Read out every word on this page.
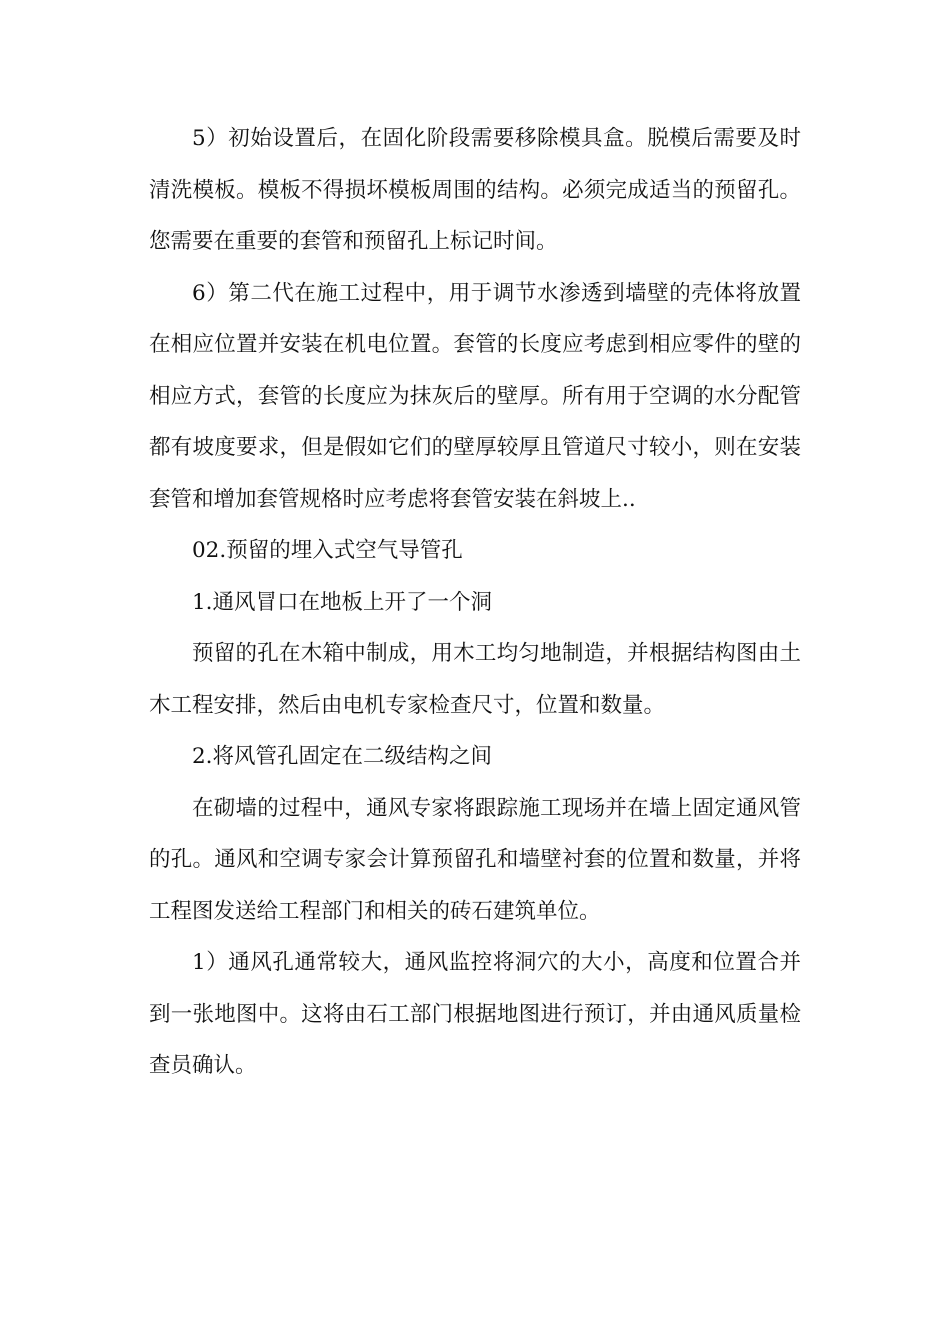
5）初始设置后，在固化阶段需要移除模具盒。脱模后需要及时清洗模板。模板不得损坏模板周围的结构。必须完成适当的预留孔。您需要在重要的套管和预留孔上标记时间。

6）第二代在施工过程中，用于调节水渗透到墙壁的壳体将放置在相应位置并安装在机电位置。套管的长度应考虑到相应零件的壁的相应方式，套管的长度应为抹灰后的壁厚。所有用于空调的水分配管都有坡度要求，但是假如它们的壁厚较厚且管道尺寸较小，则在安装套管和增加套管规格时应考虑将套管安装在斜坡上..

02.预留的埋入式空气导管孔

1.通风冒口在地板上开了一个洞

预留的孔在木箱中制成，用木工均匀地制造，并根据结构图由土木工程安排，然后由电机专家检查尺寸，位置和数量。

2.将风管孔固定在二级结构之间

在砌墙的过程中，通风专家将跟踪施工现场并在墙上固定通风管的孔。通风和空调专家会计算预留孔和墙壁衬套的位置和数量，并将工程图发送给工程部门和相关的砖石建筑单位。

1）通风孔通常较大，通风监控将洞穴的大小，高度和位置合并到一张地图中。这将由石工部门根据地图进行预订，并由通风质量检查员确认。
